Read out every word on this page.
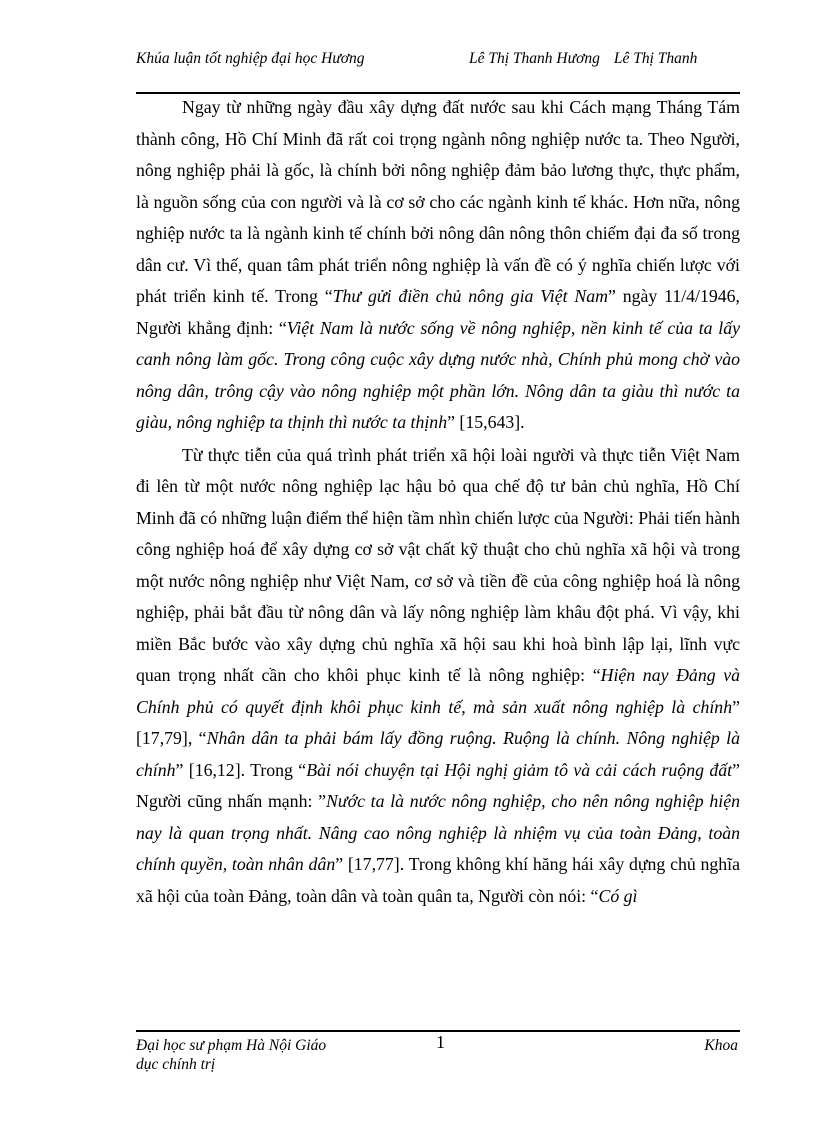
Khúa luận tốt nghiệp đại học Hương	Lê Thị Thanh Hương Lê Thị Thanh

Ngay từ những ngày đầu xây dựng đất nước sau khi Cách mạng Tháng Tám thành công, Hồ Chí Minh đã rất coi trọng ngành nông nghiệp nước ta. Theo Người, nông nghiệp phải là gốc, là chính bởi nông nghiệp đảm bảo lương thực, thực phẩm, là nguồn sống của con người và là cơ sở cho các ngành kinh tế khác. Hơn nữa, nông nghiệp nước ta là ngành kinh tế chính bởi nông dân nông thôn chiếm đại đa số trong dân cư. Vì thế, quan tâm phát triển nông nghiệp là vấn đề có ý nghĩa chiến lược với phát triển kinh tế. Trong “Thư gửi điền chủ nông gia Việt Nam” ngày 11/4/1946, Người khẳng định: “Việt Nam là nước sống về nông nghiệp, nền kinh tế của ta lấy canh nông làm gốc. Trong công cuộc xây dựng nước nhà, Chính phủ mong chờ vào nông dân, trông cậy vào nông nghiệp một phần lớn. Nông dân ta giàu thì nước ta giàu, nông nghiệp ta thịnh thì nước ta thịnh” [15,643].

Từ thực tiễn của quá trình phát triển xã hội loài người và thực tiễn Việt Nam đi lên từ một nước nông nghiệp lạc hậu bỏ qua chế độ tư bản chủ nghĩa, Hồ Chí Minh đã có những luận điểm thể hiện tầm nhìn chiến lược của Người: Phải tiến hành công nghiệp hoá để xây dựng cơ sở vật chất kỹ thuật cho chủ nghĩa xã hội và trong một nước nông nghiệp như Việt Nam, cơ sở và tiền đề của công nghiệp hoá là nông nghiệp, phải bắt đầu từ nông dân và lấy nông nghiệp làm khâu đột phá. Vì vậy, khi miền Bắc bước vào xây dựng chủ nghĩa xã hội sau khi hoà bình lập lại, lĩnh vực quan trọng nhất cần cho khôi phục kinh tế là nông nghiệp: “Hiện nay Đảng và Chính phủ có quyết định khôi phục kinh tế, mà sản xuất nông nghiệp là chính” [17,79], “Nhân dân ta phải bám lấy đồng ruộng. Ruộng là chính. Nông nghiệp là chính” [16,12]. Trong “Bài nói chuyện tại Hội nghị giảm tô và cải cách ruộng đất” Người cũng nhấn mạnh: ”Nước ta là nước nông nghiệp, cho nên nông nghiệp hiện nay là quan trọng nhất. Nâng cao nông nghiệp là nhiệm vụ của toàn Đảng, toàn chính quyền, toàn nhân dân” [17,77]. Trong không khí hăng hái xây dựng chủ nghĩa xã hội của toàn Đảng, toàn dân và toàn quân ta, Người còn nói: “Có gì

Đại học sư phạm Hà Nội Giáo dục chính trị
1	Khoa
